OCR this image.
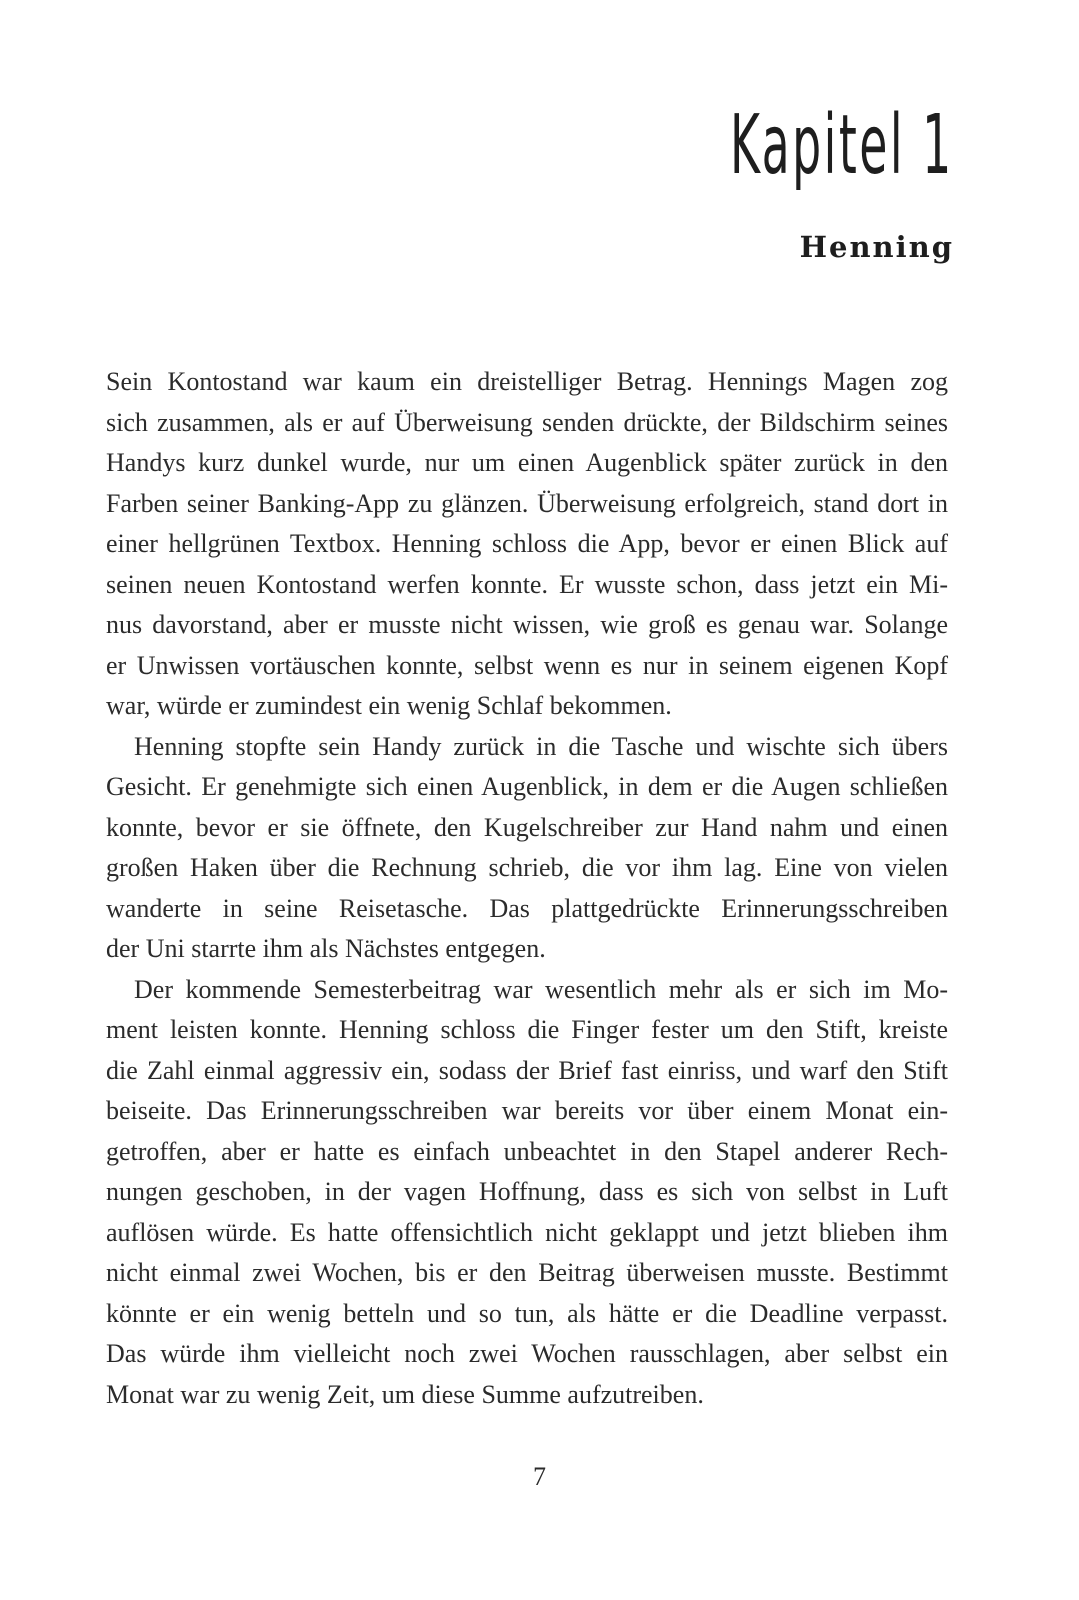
Kapitel 1
Henning

Sein Kontostand war kaum ein dreistelliger Betrag. Hennings Magen zog
sich zusammen, als er auf Überweisung senden drückte, der Bildschirm seines
Handys kurz dunkel wurde, nur um einen Augenblick später zurück in den
Farben seiner Banking-App zu glänzen. Überweisung erfolgreich, stand dort in
einer hellgrünen Textbox. Henning schloss die App, bevor er einen Blick auf
seinen neuen Kontostand werfen konnte. Er wusste schon, dass jetzt ein Mi-
nus davorstand, aber er musste nicht wissen, wie groß es genau war. Solange
er Unwissen vortäuschen konnte, selbst wenn es nur in seinem eigenen Kopf
war, würde er zumindest ein wenig Schlaf bekommen.

Henning stopfte sein Handy zurück in die Tasche und wischte sich übers
Gesicht. Er genehmigte sich einen Augenblick, in dem er die Augen schließen
konnte, bevor er sie öffnete, den Kugelschreiber zur Hand nahm und einen
großen Haken über die Rechnung schrieb, die vor ihm lag. Eine von vielen
wanderte in seine Reisetasche. Das plattgedrückte Erinnerungsschreiben
der Uni starrte ihm als Nächstes entgegen.

Der kommende Semesterbeitrag war wesentlich mehr als er sich im Mo-
ment leisten konnte. Henning schloss die Finger fester um den Stift, kreiste
die Zahl einmal aggressiv ein, sodass der Brief fast einriss, und warf den Stift
beiseite. Das Erinnerungsschreiben war bereits vor über einem Monat ein-
getroffen, aber er hatte es einfach unbeachtet in den Stapel anderer Rech-
nungen geschoben, in der vagen Hoffnung, dass es sich von selbst in Luft
auflösen würde. Es hatte offensichtlich nicht geklappt und jetzt blieben ihm
nicht einmal zwei Wochen, bis er den Beitrag überweisen musste. Bestimmt
könnte er ein wenig betteln und so tun, als hätte er die Deadline verpasst.
Das würde ihm vielleicht noch zwei Wochen rausschlagen, aber selbst ein
Monat war zu wenig Zeit, um diese Summe aufzutreiben.

7
